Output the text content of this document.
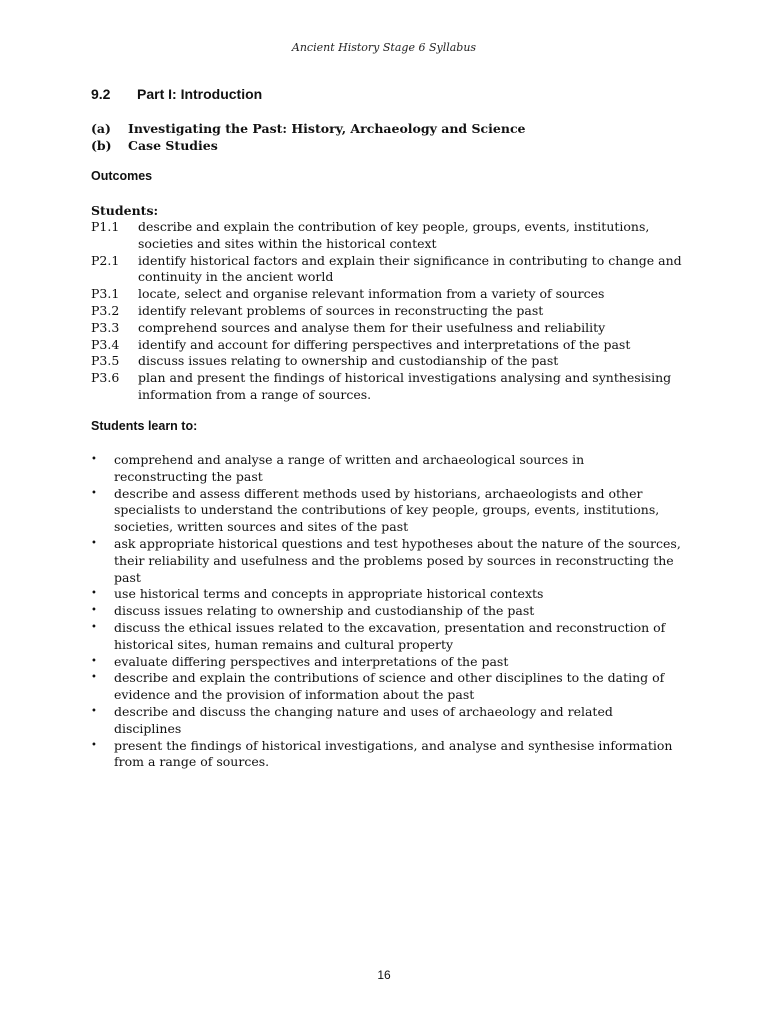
Ancient History Stage 6 Syllabus
9.2 Part I: Introduction
(a)	Investigating the Past: History, Archaeology and Science
(b)	Case Studies
Outcomes
Students:
P1.1	describe and explain the contribution of key people, groups, events, institutions, societies and sites within the historical context
P2.1	identify historical factors and explain their significance in contributing to change and continuity in the ancient world
P3.1	locate, select and organise relevant information from a variety of sources
P3.2	identify relevant problems of sources in reconstructing the past
P3.3	comprehend sources and analyse them for their usefulness and reliability
P3.4	identify and account for differing perspectives and interpretations of the past
P3.5	discuss issues relating to ownership and custodianship of the past
P3.6	plan and present the findings of historical investigations analysing and synthesising information from a range of sources.
Students learn to:
•	comprehend and analyse a range of written and archaeological sources in reconstructing the past
•	describe and assess different methods used by historians, archaeologists and other specialists to understand the contributions of key people, groups, events, institutions, societies, written sources and sites of the past
•	ask appropriate historical questions and test hypotheses about the nature of the sources, their reliability and usefulness and the problems posed by sources in reconstructing the past
•	use historical terms and concepts in appropriate historical contexts
•	discuss issues relating to ownership and custodianship of the past
•	discuss the ethical issues related to the excavation, presentation and reconstruction of historical sites, human remains and cultural property
•	evaluate differing perspectives and interpretations of the past
•	describe and explain the contributions of science and other disciplines to the dating of evidence and the provision of information about the past
•	describe and discuss the changing nature and uses of archaeology and related disciplines
•	present the findings of historical investigations, and analyse and synthesise information from a range of sources.
16
